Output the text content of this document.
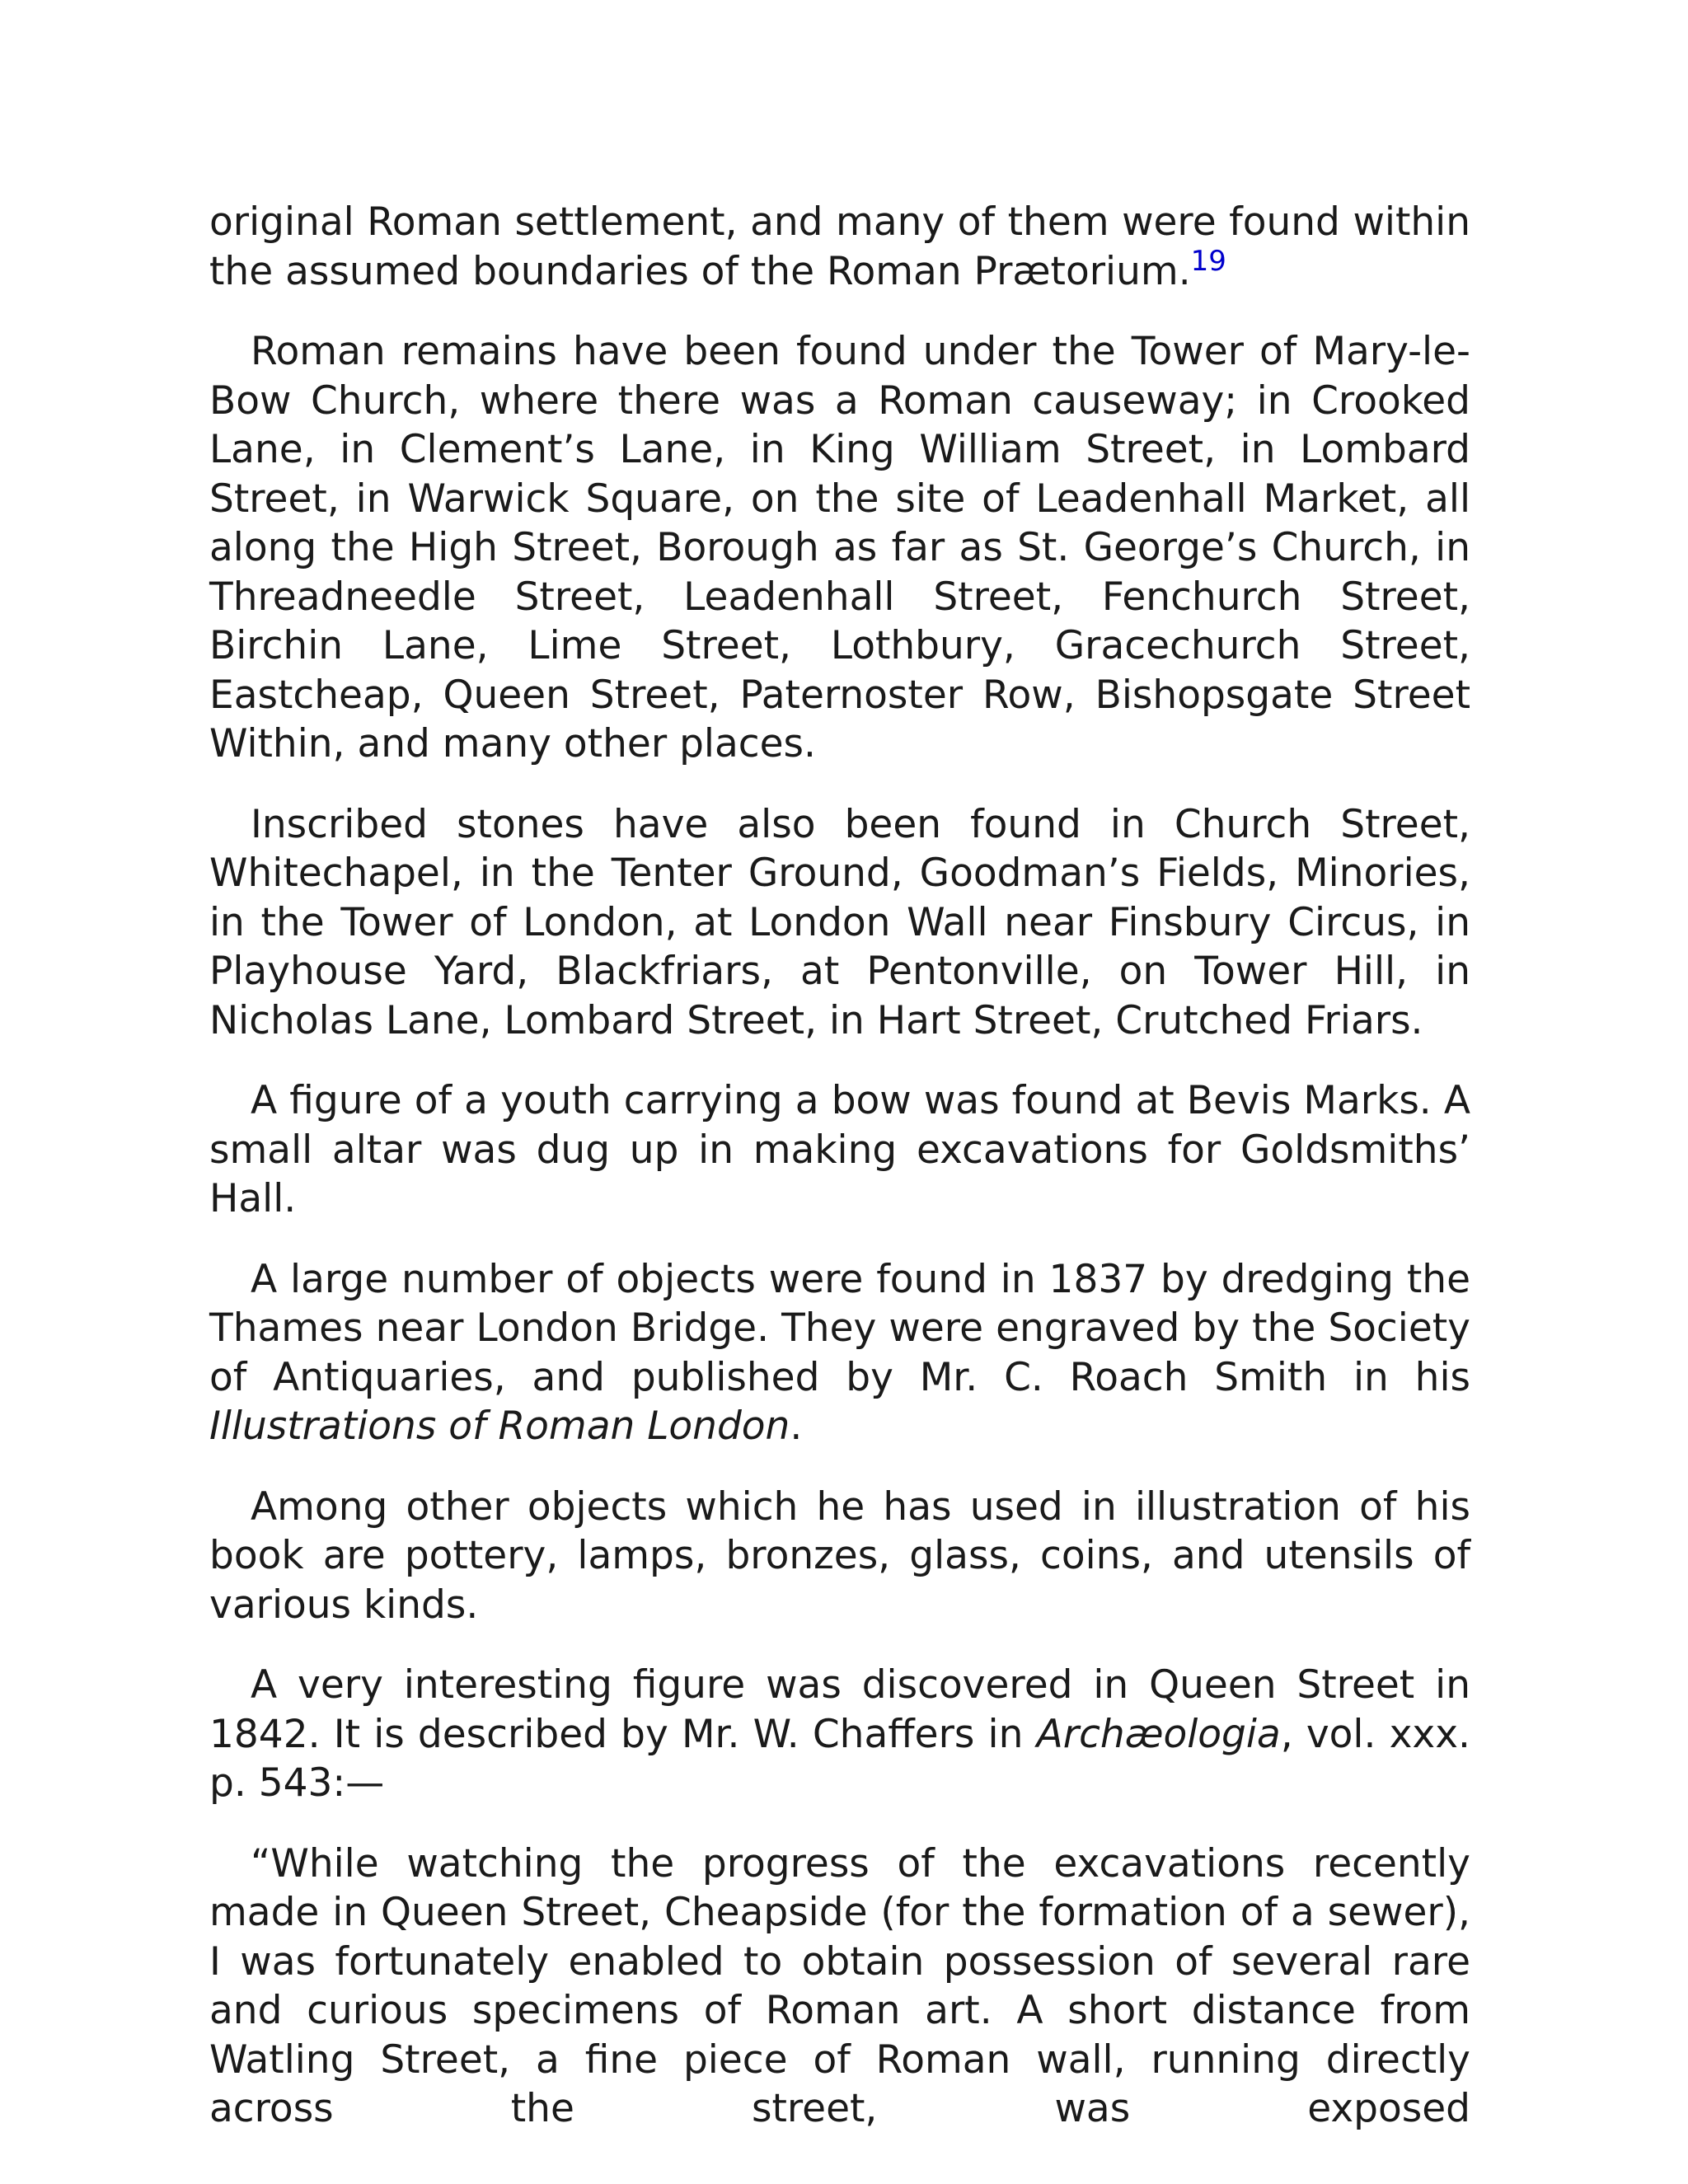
original Roman settlement, and many of them were found within the assumed boundaries of the Roman Prætorium.$^{19}$

Roman remains have been found under the Tower of Mary-le-Bow Church, where there was a Roman causeway; in Crooked Lane, in Clement’s Lane, in King William Street, in Lombard Street, in Warwick Square, on the site of Leadenhall Market, all along the High Street, Borough as far as St. George’s Church, in Threadneedle Street, Leadenhall Street, Fenchurch Street, Birchin Lane, Lime Street, Lothbury, Gracechurch Street, Eastcheap, Queen Street, Paternoster Row, Bishopsgate Street Within, and many other places.

Inscribed stones have also been found in Church Street, Whitechapel, in the Tenter Ground, Goodman’s Fields, Minories, in the Tower of London, at London Wall near Finsbury Circus, in Playhouse Yard, Blackfriars, at Pentonville, on Tower Hill, in Nicholas Lane, Lombard Street, in Hart Street, Crutched Friars.

A figure of a youth carrying a bow was found at Bevis Marks. A small altar was dug up in making excavations for Goldsmiths’ Hall.

A large number of objects were found in 1837 by dredging the Thames near London Bridge. They were engraved by the Society of Antiquaries, and published by Mr. C. Roach Smith in his Illustrations of Roman London.

Among other objects which he has used in illustration of his book are pottery, lamps, bronzes, glass, coins, and utensils of various kinds.

A very interesting figure was discovered in Queen Street in 1842. It is described by Mr. W. Chaffers in Archæologia, vol. xxx. p. 543:—

“While watching the progress of the excavations recently made in Queen Street, Cheapside (for the formation of a sewer), I was fortunately enabled to obtain possession of several rare and curious specimens of Roman art. A short distance from Watling Street, a fine piece of Roman wall, running directly across the street, was exposed
